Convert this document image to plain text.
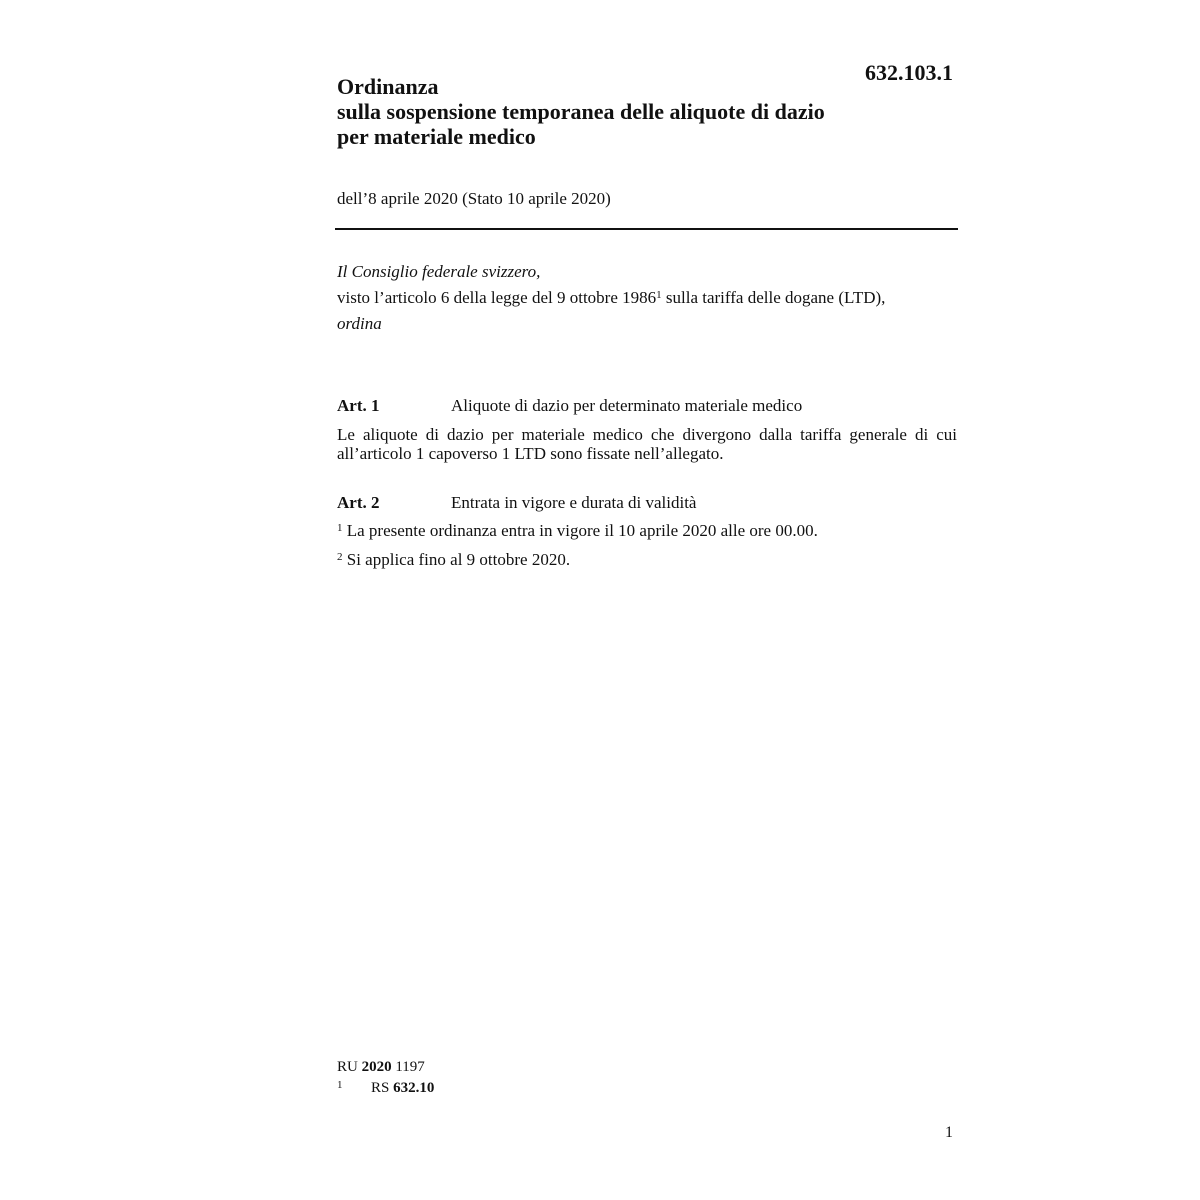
632.103.1
Ordinanza
sulla sospensione temporanea delle aliquote di dazio
per materiale medico
dell’8 aprile 2020 (Stato 10 aprile 2020)
Il Consiglio federale svizzero,
visto l’articolo 6 della legge del 9 ottobre 1986$^1$ sulla tariffa delle dogane (LTD),
ordina
Art. 1	Aliquote di dazio per determinato materiale medico
Le aliquote di dazio per materiale medico che divergono dalla tariffa generale di cui all’articolo 1 capoverso 1 LTD sono fissate nell’allegato.
Art. 2	Entrata in vigore e durata di validità
$^1$ La presente ordinanza entra in vigore il 10 aprile 2020 alle ore 00.00.
$^2$ Si applica fino al 9 ottobre 2020.
RU 2020 1197
1 RS 632.10
1
